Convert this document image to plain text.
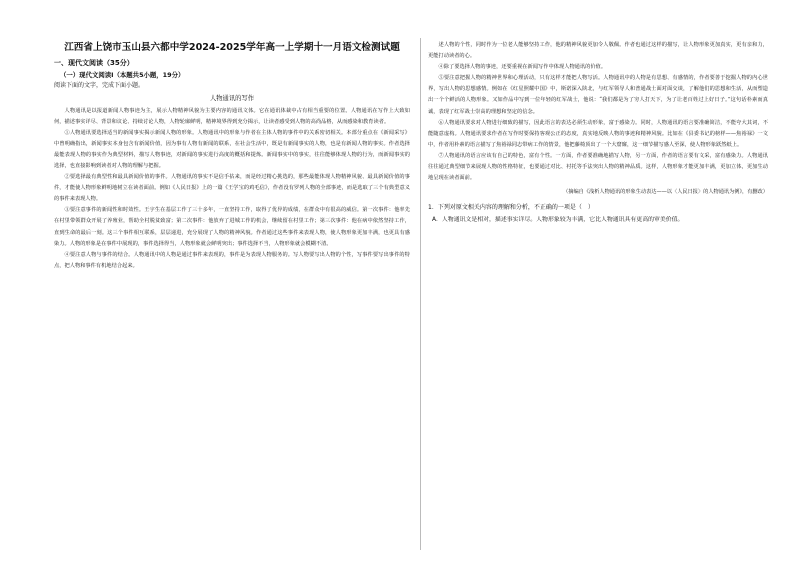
江西省上饶市玉山县六都中学2024-2025学年高一上学期十一月语文检测试题
一、现代文阅读（35分）
（一）现代文阅读Ⅰ（本题共5小题，19分）
阅读下面的文字，完成下面小题。
人物通讯的写作

人物通讯是以报道新闻人物事迹为主，展示人物精神风貌为主要内容的通讯文体。它在通讯体裁中占有相当重要的位置。人物通讯在写作上大致如何，描述事实详尽、背景和议论、持续讨论人物，人物轮廓鲜明，精神境界得到充分揭示，让读者感受到人物的高尚品格，从而感染和教育读者。

①人物通讯要选择适当的新闻事实揭示新闻人物的形象。人物通讯中的形象与作者在主体人物的事件中的关系密切相关。本部分重点在《新闻采写》中曾明确指出，新闻事实本身包含有新闻价值，因为事有人物有新闻的联系，在社会生活中，既是有新闻事实的人物，也是有新闻人物的事实。作者选择最能表现人物的事实作为典型材料，描写人物事迹，对新闻的事实进行高度的概括和提炼。新闻事实中的事实，往往能够体现人物的行为，而新闻事实的选择，也直接影响到读者对人物的理解与把握。

②要选择最有典型性和最具新闻价值的事件。人物通讯的事实不是信手拈来，而是经过精心挑选的，那些最能体现人物精神风貌、最具新闻价值的事件，才能使人物形象鲜明地树立在读者面前。例如《人民日报》上的一篇《王学宝的鸡毛信》，作者没有罗列人物的全部事迹，而是选取了三个有典型意义的事件来表现人物。

③要注意事件的新闻性和时效性。王宇生在基层工作了三十多年，一直坚持工作，取得了优异的成绩，在群众中有很高的威信。第一次事件：他率先在村里带领群众开展了养殖业，帮助全村脱贫致富；第二次事件：他放弃了进城工作的机会，继续留在村里工作；第三次事件：他在病中依然坚持工作，直到生命的最后一刻。这三个事件相互联系，层层递进，充分展现了人物的精神风貌。作者通过这些事件来表现人物，使人物形象更加丰满，也更具有感染力。人物的形象是在事件中展现的，事件选择得当，人物形象就会鲜明突出；事件选择不当，人物形象就会模糊不清。

④要注意人物与事件的结合。人物通讯中的人物是通过事件来表现的，事件是为表现人物服务的。写人物要写出人物的个性，写事件要写出事件的特点，把人物和事件有机地结合起来。

述人物的个性，同时作为一位老人能够坚持工作，他的精神风貌更加令人敬佩。作者也通过这样的描写，让人物形象更加真实，更有亲和力，更能打动读者的心。

④除了要选择人物的事迹，还要重视在新闻写作中体现人物通讯的价值。

⑤要注意把握人物的精神世界和心理活动，只有这样才能把人物写活。人物通讯中的人物是有思想、有感情的，作者要善于挖掘人物的内心世界，写出人物的思想感情。例如在《红星照耀中国》中，斯诺深入陕北，与红军领导人和普通战士面对面交谈，了解他们的思想和生活，从而塑造出一个个鲜活的人物形象。又如作品中写到一位年轻的红军战士，他说：“我们都是为了穷人打天下，为了让老百姓过上好日子。”这句话朴素而真诚，表现了红军战士崇高的理想和坚定的信念。

⑥人物通讯要求对人物进行细致的描写，因此语言的表达必须生动形象，富于感染力。同时，人物通讯的语言要准确简洁，不能夸大其词，不能随意虚构。人物通讯要求作者在写作时要保持客观公正的态度，真实地反映人物的事迹和精神风貌。比如在《县委书记的榜样——焦裕禄》一文中，作者用朴素的语言描写了焦裕禄同志带病工作的情景，他把藤椅顶出了一个大窟窿，这一细节描写感人至深，使人物形象跃然纸上。

⑦人物通讯的语言应该有自己的特色，富有个性。一方面，作者要准确地描写人物，另一方面，作者的语言要有文采，富有感染力。人物通讯往往通过典型细节来展现人物的性格特征，也要通过对比、衬托等手法突出人物的精神品质。这样，人物形象才能更加丰满，更加立体，更加生动地呈现在读者面前。

（摘编自《浅析人物通讯的形象生动表达——以〈人民日报〉的人物通讯为例》，有删改）
1．下列对原文相关内容的理解和分析，不正确的一项是（　）
A．人物通讯文是相对，描述事实详尽。人物形象较为丰满，它比人物通讯具有更高的审美价值。
